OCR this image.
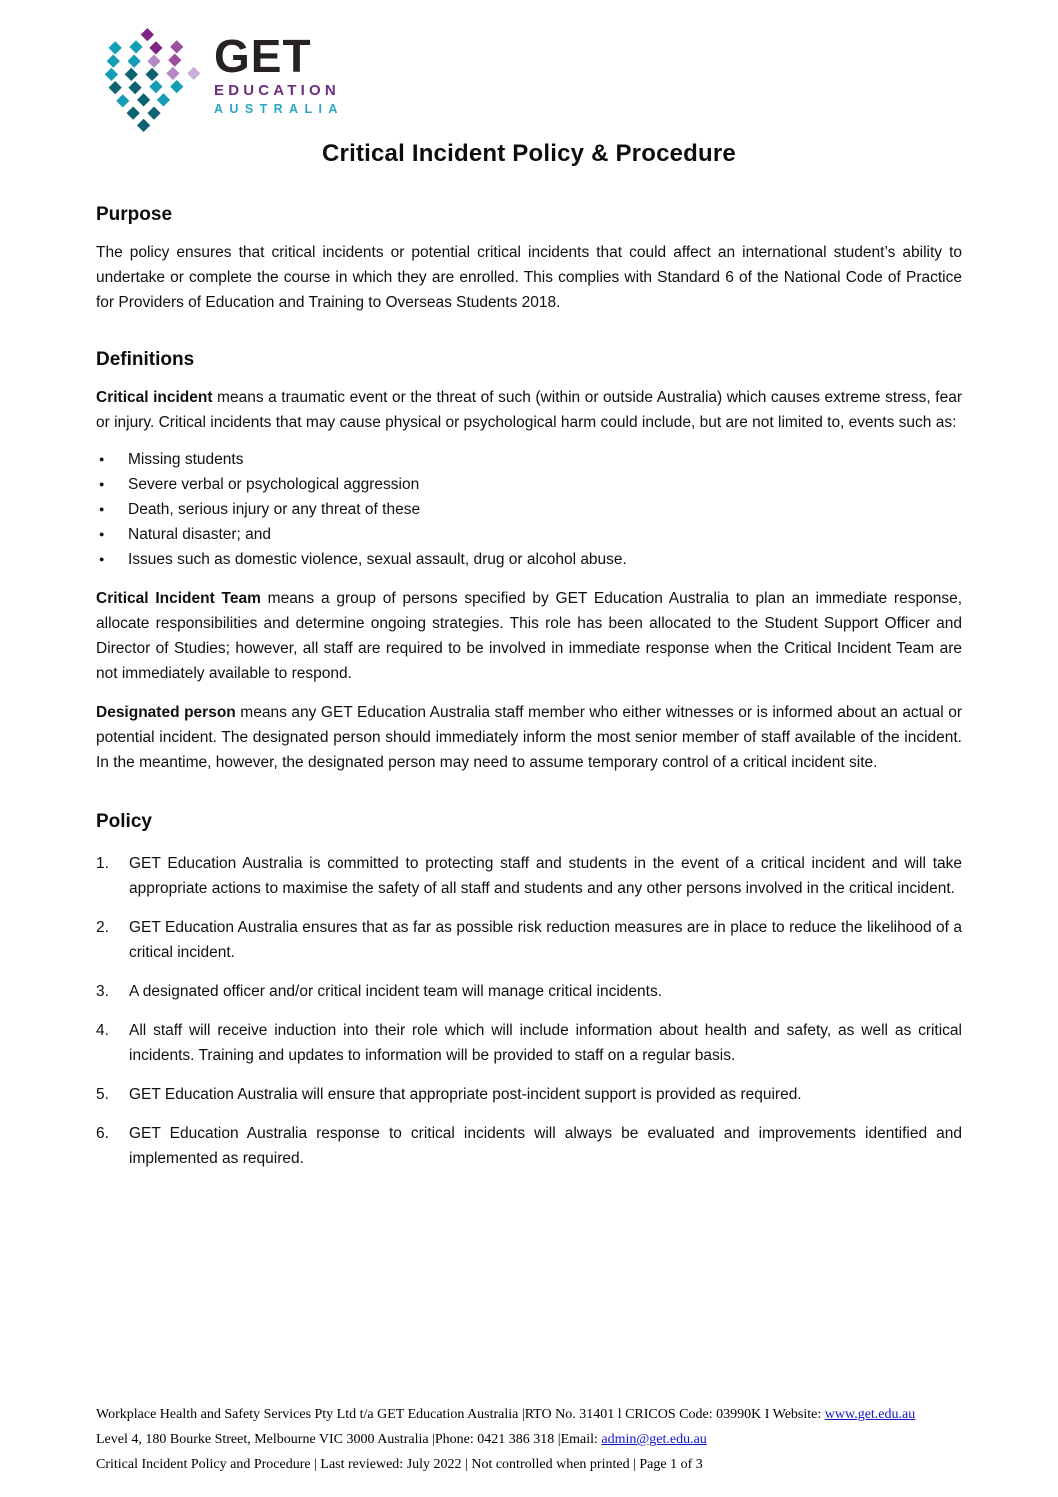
GET
EDUCATION
AUSTRALIA
Critical Incident Policy & Procedure
Purpose

The policy ensures that critical incidents or potential critical incidents that could affect an international student’s ability to undertake or complete the course in which they are enrolled. This complies with Standard 6 of the National Code of Practice for Providers of Education and Training to Overseas Students 2018.

Definitions

Critical incident means a traumatic event or the threat of such (within or outside Australia) which causes extreme stress, fear or injury. Critical incidents that may cause physical or psychological harm could include, but are not limited to, events such as:

● Missing students
● Severe verbal or psychological aggression
● Death, serious injury or any threat of these
● Natural disaster; and
● Issues such as domestic violence, sexual assault, drug or alcohol abuse.

Critical Incident Team means a group of persons specified by GET Education Australia to plan an immediate response, allocate responsibilities and determine ongoing strategies. This role has been allocated to the Student Support Officer and Director of Studies; however, all staff are required to be involved in immediate response when the Critical Incident Team are not immediately available to respond.

Designated person means any GET Education Australia staff member who either witnesses or is informed about an actual or potential incident. The designated person should immediately inform the most senior member of staff available of the incident. In the meantime, however, the designated person may need to assume temporary control of a critical incident site.

Policy
GET Education Australia is committed to protecting staff and students in the event of a critical incident and will take appropriate actions to maximise the safety of all staff and students and any other persons involved in the critical incident.
GET Education Australia ensures that as far as possible risk reduction measures are in place to reduce the likelihood of a critical incident.
A designated officer and/or critical incident team will manage critical incidents.
All staff will receive induction into their role which will include information about health and safety, as well as critical incidents. Training and updates to information will be provided to staff on a regular basis.
GET Education Australia will ensure that appropriate post-incident support is provided as required.
GET Education Australia response to critical incidents will always be evaluated and improvements identified and implemented as required.
Workplace Health and Safety Services Pty Ltd t/a GET Education Australia |RTO No. 31401 l CRICOS Code: 03990K I Website: www.get.edu.au
Level 4, 180 Bourke Street, Melbourne VIC 3000 Australia |Phone: 0421 386 318 |Email: admin@get.edu.au
Critical Incident Policy and Procedure | Last reviewed: July 2022 | Not controlled when printed | Page 1 of 3
